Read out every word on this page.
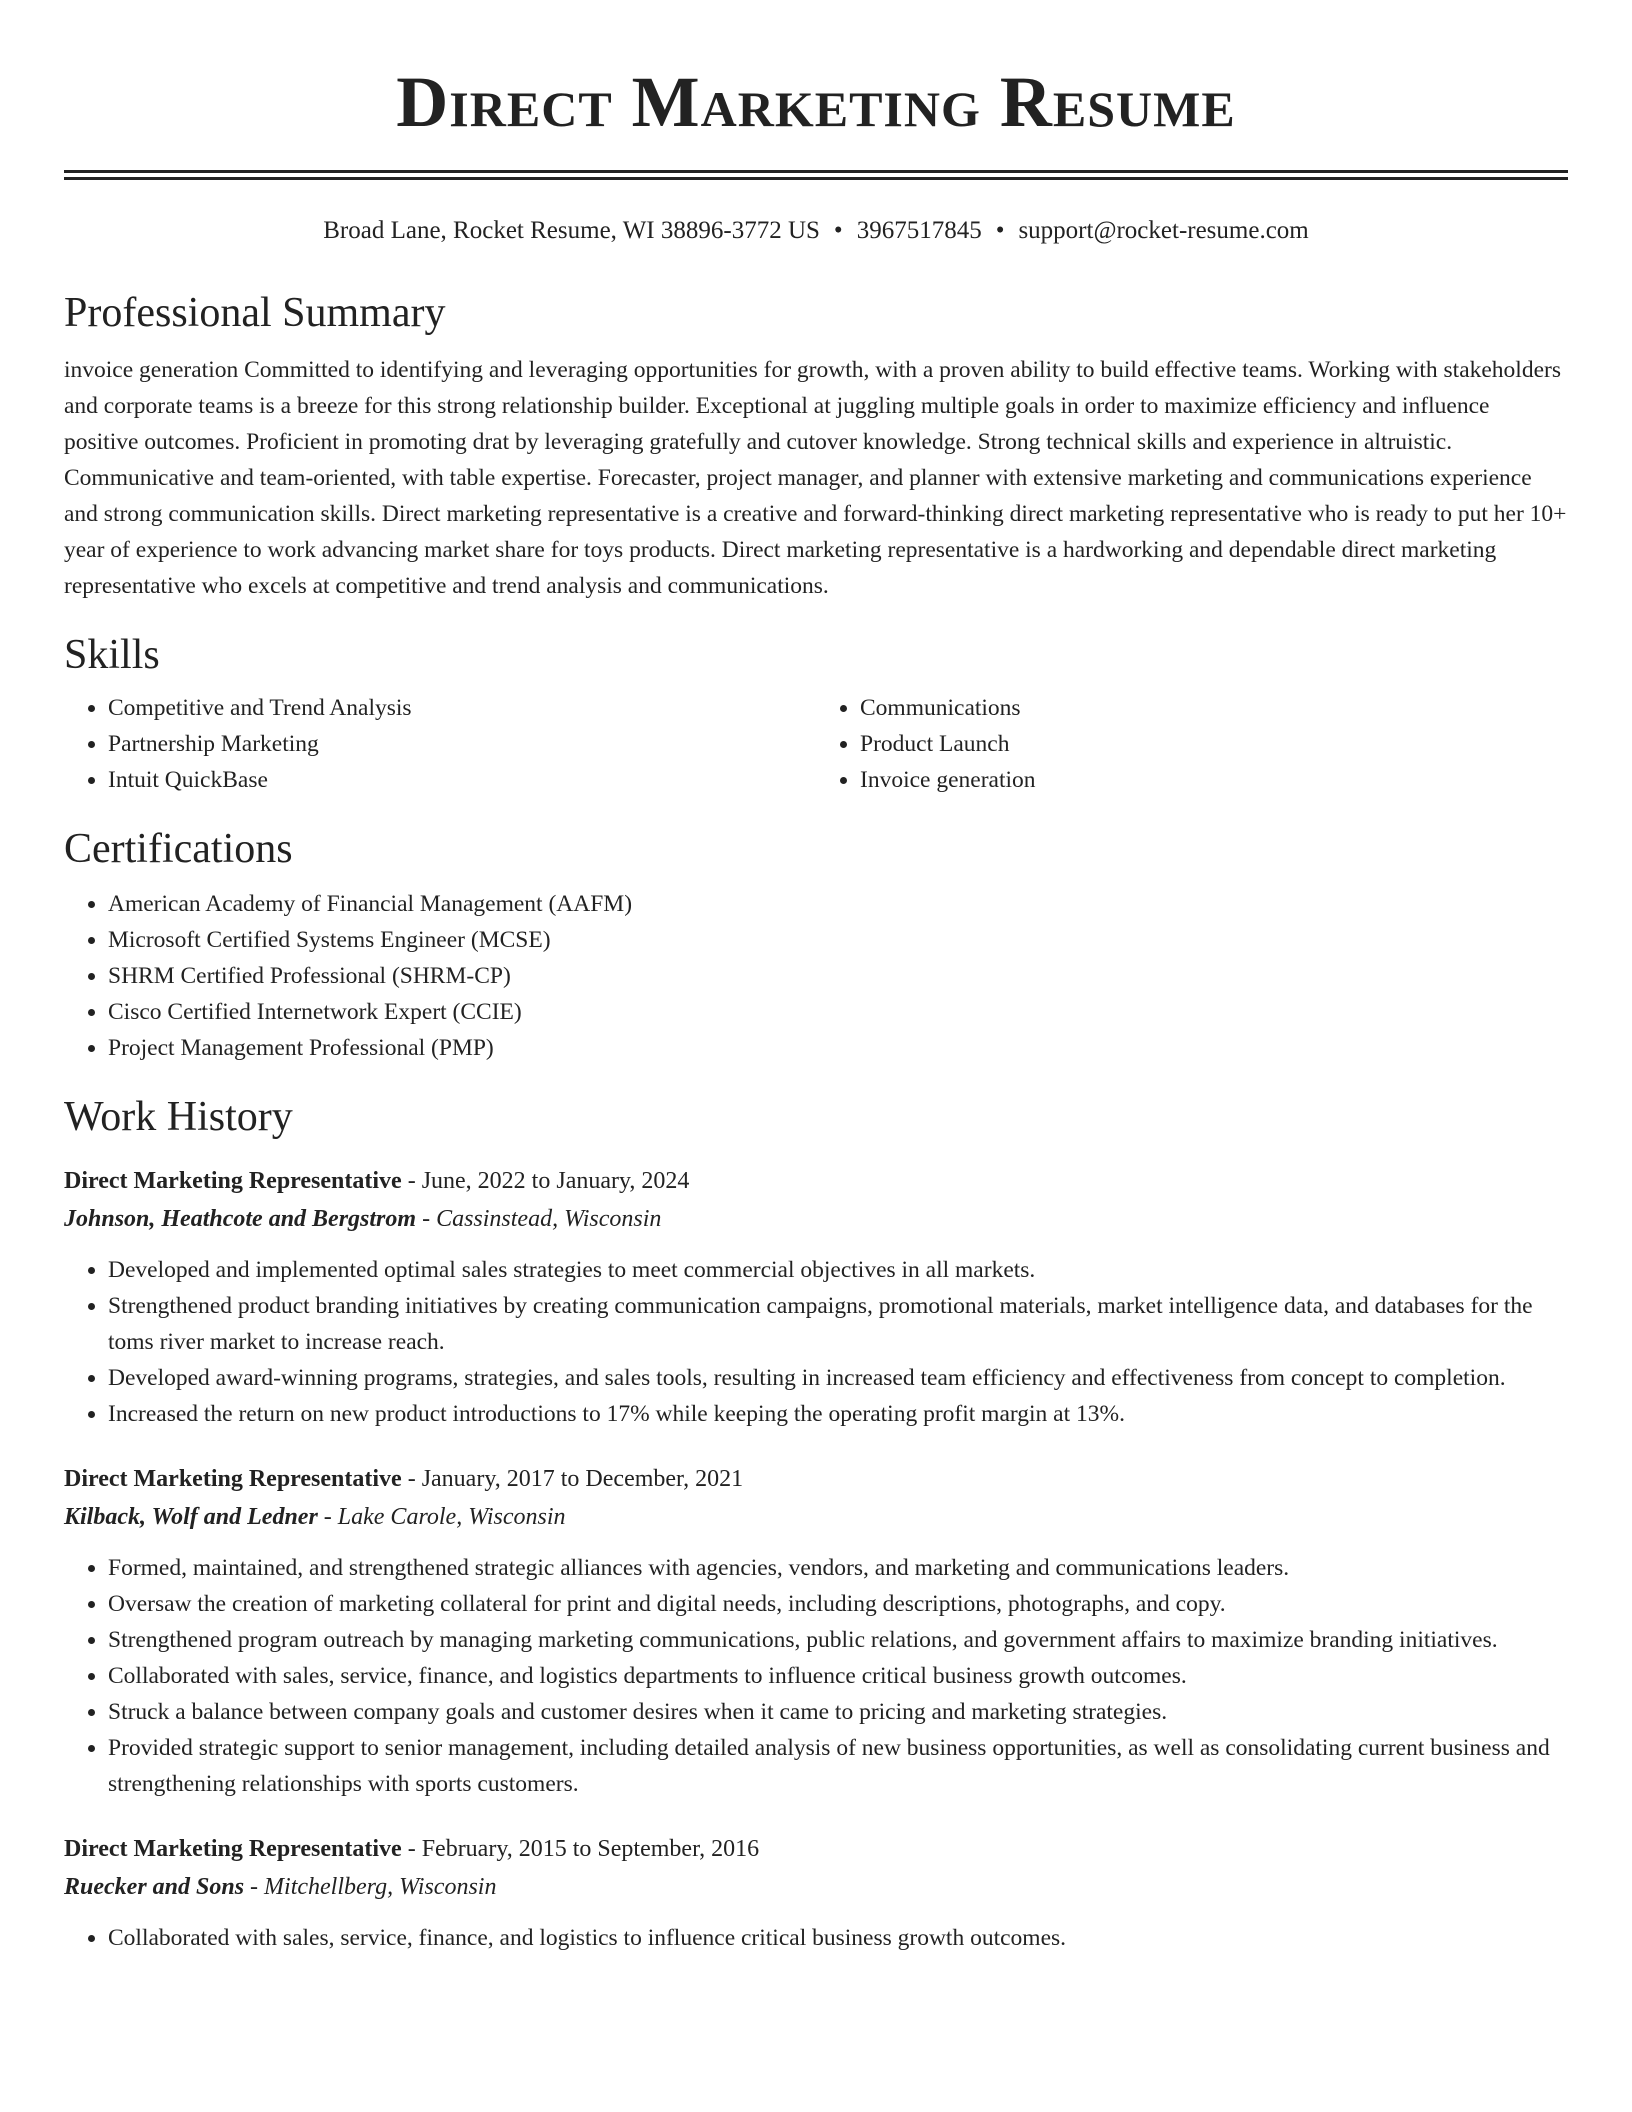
Direct Marketing Resume
Broad Lane, Rocket Resume, WI 38896-3772 US • 3967517845 • support@rocket-resume.com
Professional Summary

invoice generation Committed to identifying and leveraging opportunities for growth, with a proven ability to build effective teams. Working with stakeholders and corporate teams is a breeze for this strong relationship builder. Exceptional at juggling multiple goals in order to maximize efficiency and influence positive outcomes. Proficient in promoting drat by leveraging gratefully and cutover knowledge. Strong technical skills and experience in altruistic. Communicative and team-oriented, with table expertise. Forecaster, project manager, and planner with extensive marketing and communications experience and strong communication skills. Direct marketing representative is a creative and forward-thinking direct marketing representative who is ready to put her 10+ year of experience to work advancing market share for toys products. Direct marketing representative is a hardworking and dependable direct marketing representative who excels at competitive and trend analysis and communications.

Skills
• Competitive and Trend Analysis
• Partnership Marketing
• Intuit QuickBase
• Communications
• Product Launch
• Invoice generation
Certifications
• American Academy of Financial Management (AAFM)
• Microsoft Certified Systems Engineer (MCSE)
• SHRM Certified Professional (SHRM-CP)
• Cisco Certified Internetwork Expert (CCIE)
• Project Management Professional (PMP)
Work History
Direct Marketing Representative - June, 2022 to January, 2024
Johnson, Heathcote and Bergstrom - Cassinstead, Wisconsin
• Developed and implemented optimal sales strategies to meet commercial objectives in all markets.
• Strengthened product branding initiatives by creating communication campaigns, promotional materials, market intelligence data, and databases for the toms river market to increase reach.
• Developed award-winning programs, strategies, and sales tools, resulting in increased team efficiency and effectiveness from concept to completion.
• Increased the return on new product introductions to 17% while keeping the operating profit margin at 13%.
Direct Marketing Representative - January, 2017 to December, 2021
Kilback, Wolf and Ledner - Lake Carole, Wisconsin
• Formed, maintained, and strengthened strategic alliances with agencies, vendors, and marketing and communications leaders.
• Oversaw the creation of marketing collateral for print and digital needs, including descriptions, photographs, and copy.
• Strengthened program outreach by managing marketing communications, public relations, and government affairs to maximize branding initiatives.
• Collaborated with sales, service, finance, and logistics departments to influence critical business growth outcomes.
• Struck a balance between company goals and customer desires when it came to pricing and marketing strategies.
• Provided strategic support to senior management, including detailed analysis of new business opportunities, as well as consolidating current business and strengthening relationships with sports customers.
Direct Marketing Representative - February, 2015 to September, 2016
Ruecker and Sons - Mitchellberg, Wisconsin
• Collaborated with sales, service, finance, and logistics to influence critical business growth outcomes.
